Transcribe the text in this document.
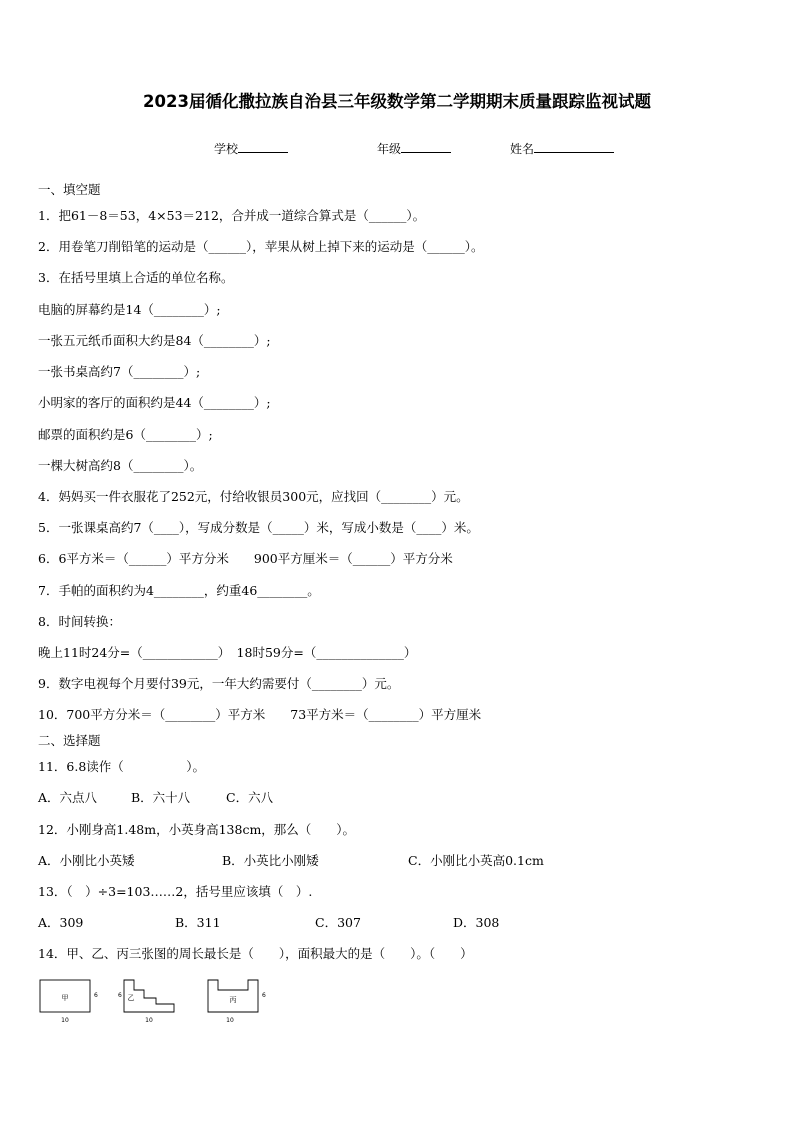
2023届循化撒拉族自治县三年级数学第二学期期末质量跟踪监视试题
学校	年级	姓名
一、填空题
1．把61－8＝53，4×53＝212，合并成一道综合算式是（______）。
2．用卷笔刀削铅笔的运动是（______），苹果从树上掉下来的运动是（______）。
3．在括号里填上合适的单位名称。
电脑的屏幕约是14（________）;
一张五元纸币面积大约是84（________）;
一张书桌高约7（________）;
小明家的客厅的面积约是44（________）;
邮票的面积约是6（________）;
一棵大树高约8（________）。
4．妈妈买一件衣服花了252元，付给收银员300元，应找回（________）元。
5．一张课桌高约7（____），写成分数是（_____）米，写成小数是（____）米。
6．6平方米＝（______）平方分米　　900平方厘米＝（______）平方分米
7．手帕的面积约为4________，约重46________。
8．时间转换：
晚上11时24分=（____________）　18时59分=（______________）
9．数字电视每个月要付39元，一年大约需要付（________）元。
10．700平方分米＝（________）平方米　　73平方米＝（________）平方厘米
二、选择题
11．6.8读作（　　　　　）。
A．六点八	B．六十八	C．六八
12．小刚身高1.48m，小英身高138cm，那么（　　）。
A．小刚比小英矮	B．小英比小刚矮	C．小刚比小英高0.1cm
13．（　）÷3=103……2，括号里应该填（　）.
A．309	B．311	C．307	D．308
14．甲、乙、丙三张图的周长最长是（　　），面积最大的是（　　）。（　　）
甲	6
10
乙
6
10
丙
6
10
